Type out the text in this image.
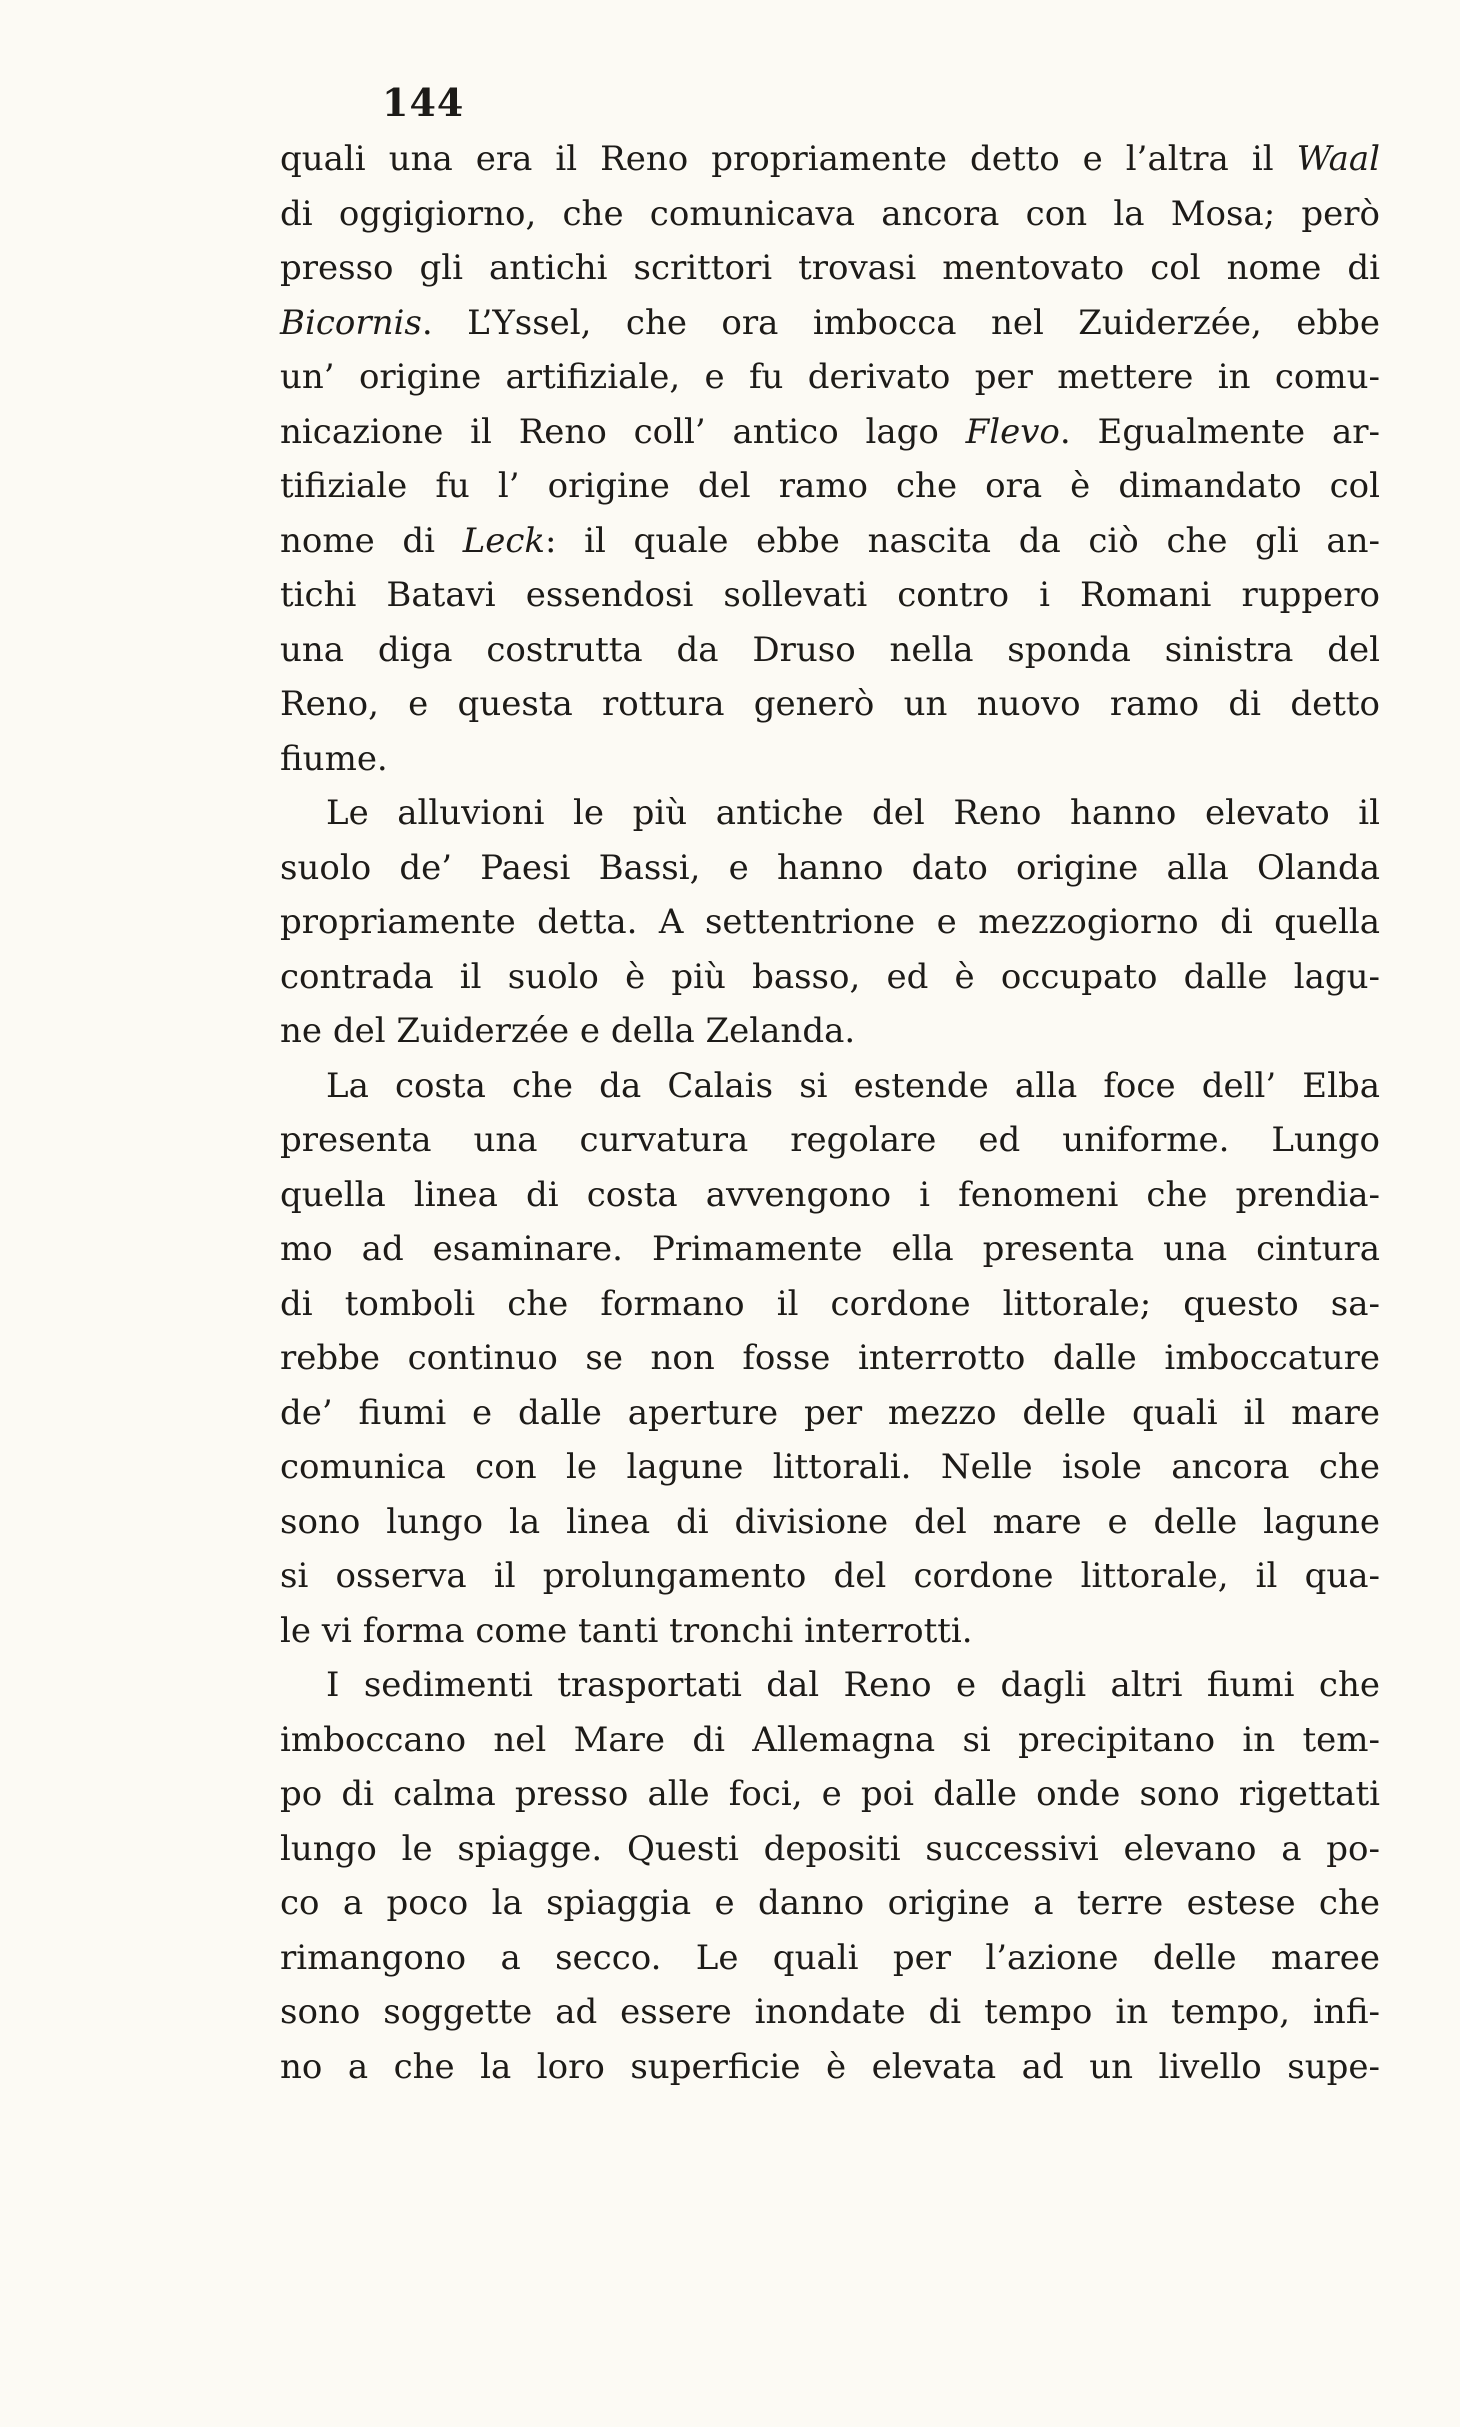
144
quali una era il Reno propriamente detto e l’altra il Waal
di oggigiorno, che comunicava ancora con la Mosa; però
presso gli antichi scrittori trovasi mentovato col nome di
Bicornis. L’Yssel, che ora imbocca nel Zuiderzée, ebbe
un’ origine artifiziale, e fu derivato per mettere in comu-
nicazione il Reno coll’ antico lago Flevo. Egualmente ar-
tifiziale fu l’ origine del ramo che ora è dimandato col
nome di Leck: il quale ebbe nascita da ciò che gli an-
tichi Batavi essendosi sollevati contro i Romani ruppero
una diga costrutta da Druso nella sponda sinistra del
Reno, e questa rottura generò un nuovo ramo di detto
fiume.
Le alluvioni le più antiche del Reno hanno elevato il
suolo de’ Paesi Bassi, e hanno dato origine alla Olanda
propriamente detta. A settentrione e mezzogiorno di quella
contrada il suolo è più basso, ed è occupato dalle lagu-
ne del Zuiderzée e della Zelanda.
La costa che da Calais si estende alla foce dell’ Elba
presenta una curvatura regolare ed uniforme. Lungo
quella linea di costa avvengono i fenomeni che prendia-
mo ad esaminare. Primamente ella presenta una cintura
di tomboli che formano il cordone littorale; questo sa-
rebbe continuo se non fosse interrotto dalle imboccature
de’ fiumi e dalle aperture per mezzo delle quali il mare
comunica con le lagune littorali. Nelle isole ancora che
sono lungo la linea di divisione del mare e delle lagune
si osserva il prolungamento del cordone littorale, il qua-
le vi forma come tanti tronchi interrotti.
I sedimenti trasportati dal Reno e dagli altri fiumi che
imboccano nel Mare di Allemagna si precipitano in tem-
po di calma presso alle foci, e poi dalle onde sono rigettati
lungo le spiagge. Questi depositi successivi elevano a po-
co a poco la spiaggia e danno origine a terre estese che
rimangono a secco. Le quali per l’azione delle maree
sono soggette ad essere inondate di tempo in tempo, infi-
no a che la loro superficie è elevata ad un livello supe-
